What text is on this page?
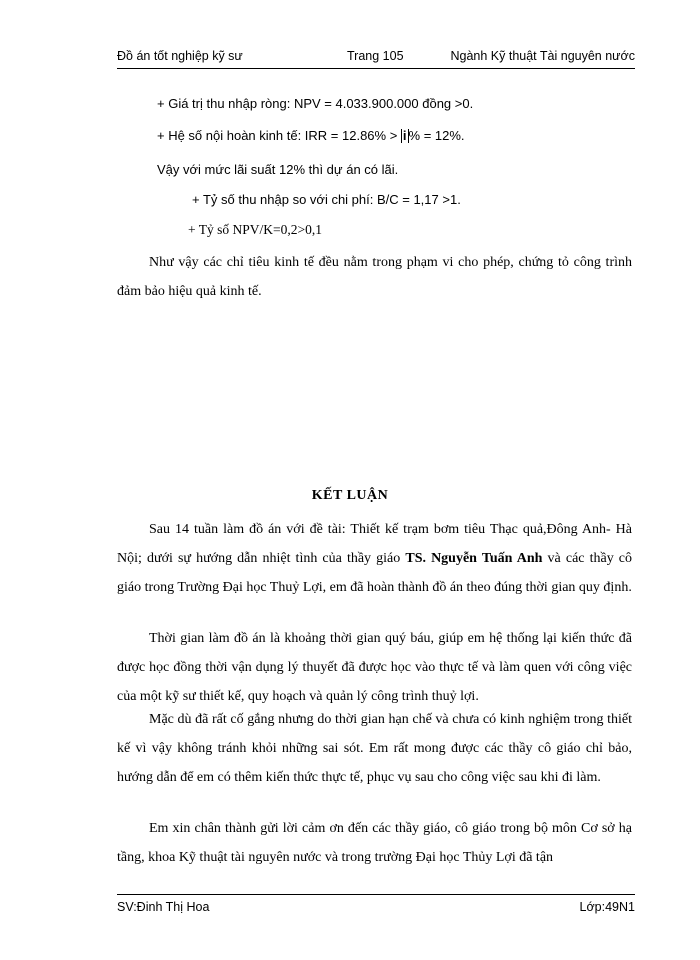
Đồ án tốt nghiệp kỹ sư	Trang 105	Ngành Kỹ thuật Tài nguyên nước
+ Giá trị thu nhập ròng: NPV = 4.033.900.000 đồng >0.
+ Hệ số nội hoàn kinh tế: IRR = 12.86% > i % = 12%.
Vậy với mức lãi suất 12% thì dự án có lãi.
+ Tỷ số thu nhập so với chi phí: B/C = 1,17 >1.
+ Tỷ số NPV/K=0,2>0,1
Như vậy các chỉ tiêu kinh tế đều nằm trong phạm vi cho phép, chứng tỏ công trình đảm bảo hiệu quả kinh tế.
KẾT LUẬN
Sau 14 tuần làm đồ án với đề tài: Thiết kế trạm bơm tiêu Thạc quả,Đông Anh- Hà Nội; dưới sự hướng dẫn nhiệt tình của thầy giáo TS. Nguyễn Tuấn Anh và các thầy cô giáo trong Trường Đại học Thuỷ Lợi, em đã hoàn thành đồ án theo đúng thời gian quy định.
Thời gian làm đồ án là khoảng thời gian quý báu, giúp em hệ thống lại kiến thức đã được học đồng thời vận dụng lý thuyết đã được học vào thực tế và làm quen với công việc của một kỹ sư thiết kế, quy hoạch và quản lý công trình thuỷ lợi.
Mặc dù đã rất cố gắng nhưng do thời gian hạn chế và chưa có kinh nghiệm trong thiết kế vì vậy không tránh khỏi những sai sót. Em rất mong được các thầy cô giáo chỉ bảo, hướng dẫn để em có thêm kiến thức thực tế, phục vụ sau cho công việc sau khi đi làm.
Em xin chân thành gửi lời cảm ơn đến các thầy giáo, cô giáo trong bộ môn Cơ sở hạ tầng, khoa Kỹ thuật tài nguyên nước và trong trường Đại học Thủy Lợi đã tận
SV:Đinh Thị Hoa	Lớp:49N1
